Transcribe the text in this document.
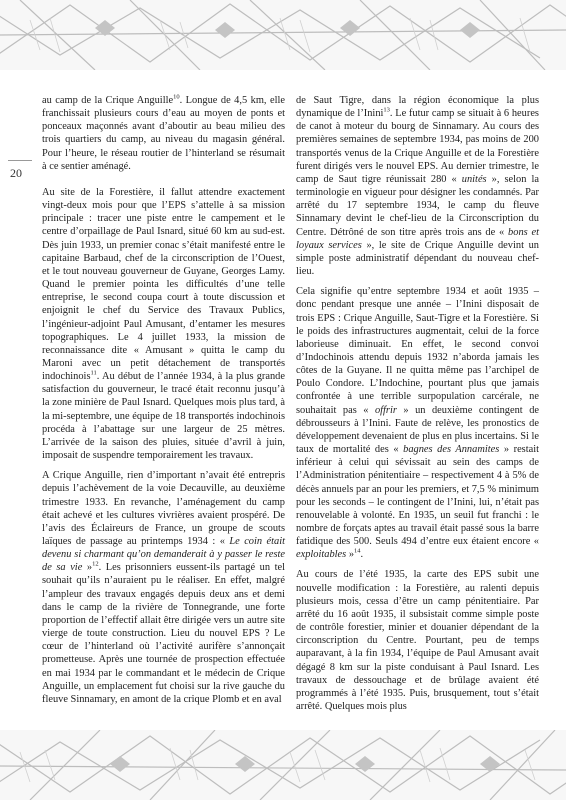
20

au camp de la Crique Anguille$^{10}$. Longue de 4,5 km, elle franchissait plusieurs cours d’eau au moyen de ponts et ponceaux maçonnés avant d’aboutir au beau milieu des trois quartiers du camp, au niveau du magasin général. Pour l’heure, le réseau routier de l’hinterland se résumait à ce sentier aménagé.

Au site de la Forestière, il fallut attendre exactement vingt-deux mois pour que l’EPS s’attelle à sa mission principale : tracer une piste entre le campement et le centre d’orpaillage de Paul Isnard, situé 60 km au sud-est. Dès juin 1933, un premier conac s’était manifesté entre le capitaine Barbaud, chef de la circonscription de l’Ouest, et le tout nouveau gouverneur de Guyane, Georges Lamy. Quand le premier pointa les difficultés d’une telle entreprise, le second coupa court à toute discussion et enjoignit le chef du Service des Travaux Publics, l’ingénieur-adjoint Paul Amusant, d’entamer les mesures topographiques. Le 4 juillet 1933, la mission de reconnaissance dite « Amusant » quitta le camp du Maroni avec un petit détachement de transportés indochinois$^{11}$. Au début de l’année 1934, à la plus grande satisfaction du gouverneur, le tracé était reconnu jusqu’à la zone minière de Paul Isnard. Quelques mois plus tard, à la mi-septembre, une équipe de 18 transportés indochinois procéda à l’abattage sur une largeur de 25 mètres. L’arrivée de la saison des pluies, située d’avril à juin, imposait de suspendre temporairement les travaux.

A Crique Anguille, rien d’important n’avait été entrepris depuis l’achèvement de la voie Decauville, au deuxième trimestre 1933. En revanche, l’aménagement du camp était achevé et les cultures vivrières avaient prospéré. De l’avis des Éclaireurs de France, un groupe de scouts laïques de passage au printemps 1934 : « Le coin était devenu si charmant qu’on demanderait à y passer le reste de sa vie »$^{12}$. Les prisonniers eussent-ils partagé un tel souhait qu’ils n’auraient pu le réaliser. En effet, malgré l’ampleur des travaux engagés depuis deux ans et demi dans le camp de la rivière de Tonnegrande, une forte proportion de l’effectif allait être dirigée vers un autre site vierge de toute construction. Lieu du nouvel EPS ? Le cœur de l’hinterland où l’activité aurifère s’annonçait prometteuse. Après une tournée de prospection effectuée en mai 1934 par le commandant et le médecin de Crique Anguille, un emplacement fut choisi sur la rive gauche du fleuve Sinnamary, en amont de la crique Plomb et en aval

de Saut Tigre, dans la région économique la plus dynamique de l’Inini$^{13}$. Le futur camp se situait à 6 heures de canot à moteur du bourg de Sinnamary. Au cours des premières semaines de septembre 1934, pas moins de 200 transportés venus de la Crique Anguille et de la Forestière furent dirigés vers le nouvel EPS. Au dernier trimestre, le camp de Saut tigre réunissait 280 « unités », selon la terminologie en vigueur pour désigner les condamnés. Par arrêté du 17 septembre 1934, le camp du fleuve Sinnamary devint le chef-lieu de la Circonscription du Centre. Détrôné de son titre après trois ans de « bons et loyaux services », le site de Crique Anguille devint un simple poste administratif dépendant du nouveau chef-lieu.

Cela signifie qu’entre septembre 1934 et août 1935 – donc pendant presque une année – l’Inini disposait de trois EPS : Crique Anguille, Saut-Tigre et la Forestière. Si le poids des infrastructures augmentait, celui de la force laborieuse diminuait. En effet, le second convoi d’Indochinois attendu depuis 1932 n’aborda jamais les côtes de la Guyane. Il ne quitta même pas l’archipel de Poulo Condore. L’Indochine, pourtant plus que jamais confrontée à une terrible surpopulation carcérale, ne souhaitait pas « offrir » un deuxième contingent de débrousseurs à l’Inini. Faute de relève, les pronostics de développement devenaient de plus en plus incertains. Si le taux de mortalité des « bagnes des Annamites » restait inférieur à celui qui sévissait au sein des camps de l’Administration pénitentiaire – respectivement 4 à 5% de décès annuels par an pour les premiers, et 7,5 % minimum pour les seconds – le contingent de l’Inini, lui, n’était pas renouvelable à volonté. En 1935, un seuil fut franchi : le nombre de forçats aptes au travail était passé sous la barre fatidique des 500. Seuls 494 d’entre eux étaient encore « exploitables »$^{14}$.

Au cours de l’été 1935, la carte des EPS subit une nouvelle modification : la Forestière, au ralenti depuis plusieurs mois, cessa d’être un camp pénitentiaire. Par arrêté du 16 août 1935, il subsistait comme simple poste de contrôle forestier, minier et douanier dépendant de la circonscription du Centre. Pourtant, peu de temps auparavant, à la fin 1934, l’équipe de Paul Amusant avait dégagé 8 km sur la piste conduisant à Paul Isnard. Les travaux de dessouchage et de brûlage avaient été programmés à l’été 1935. Puis, brusquement, tout s’était arrêté. Quelques mois plus
